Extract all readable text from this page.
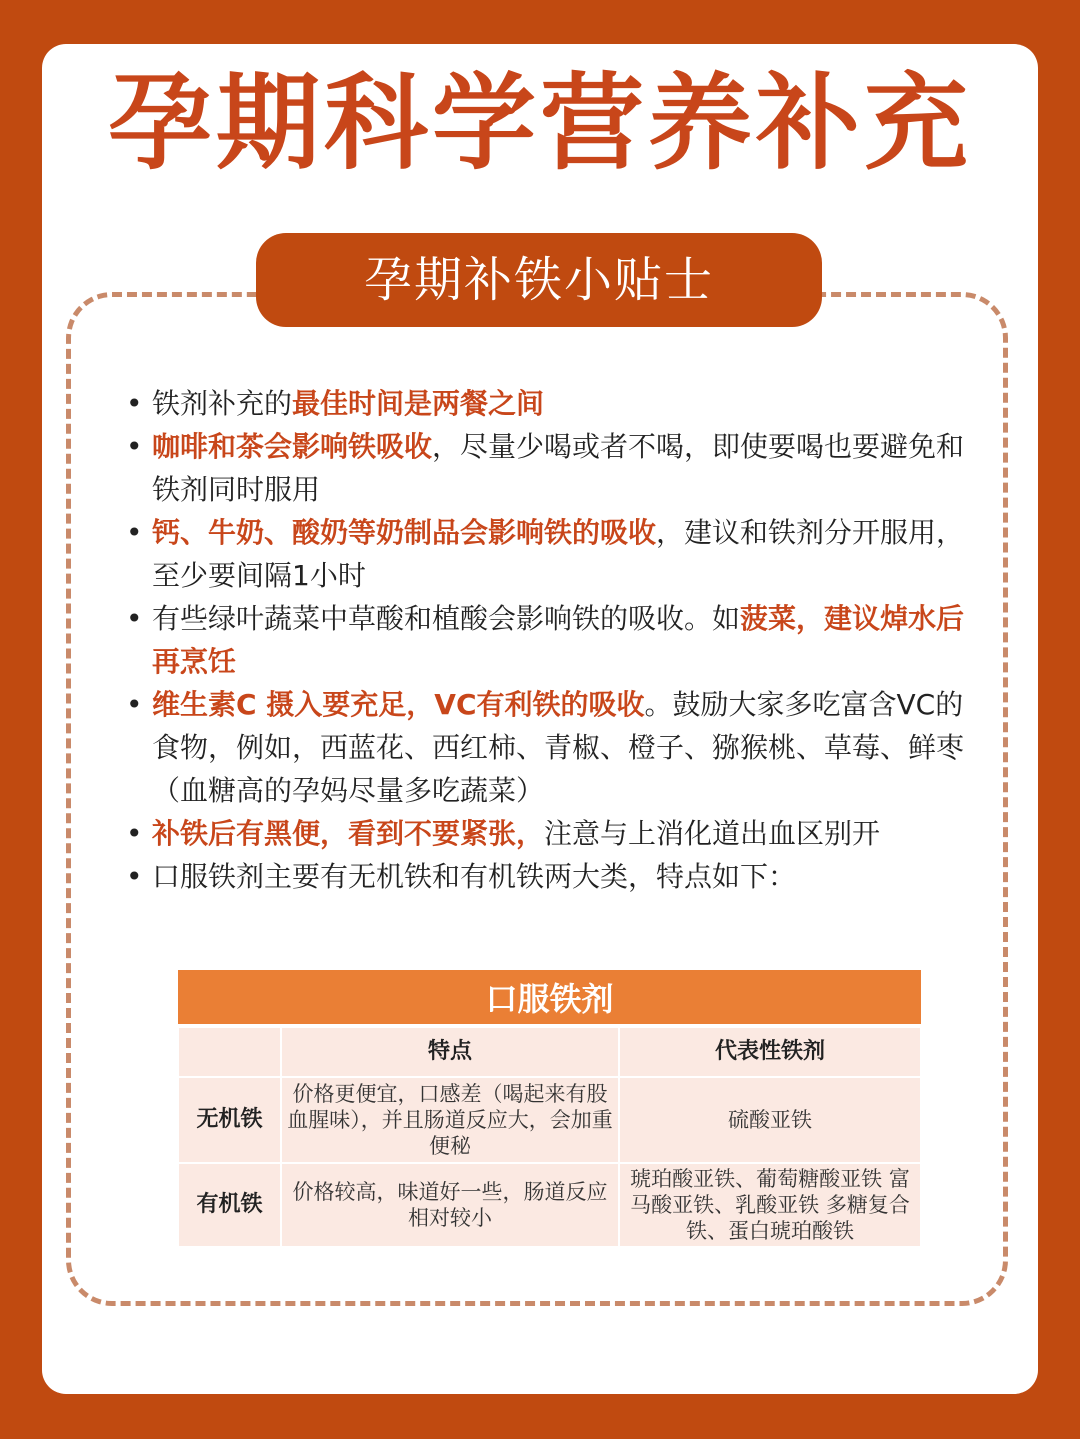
孕期科学营养补充
孕期补铁小贴士
• 铁剂补充的最佳时间是两餐之间
• 咖啡和茶会影响铁吸收，尽量少喝或者不喝，即使要喝也要避免和铁剂同时服用
• 钙、牛奶、酸奶等奶制品会影响铁的吸收，建议和铁剂分开服用，至少要间隔1小时
• 有些绿叶蔬菜中草酸和植酸会影响铁的吸收。如菠菜，建议焯水后再烹饪
• 维生素C 摄入要充足，VC有利铁的吸收。鼓励大家多吃富含VC的食物，例如，西蓝花、西红柿、青椒、橙子、猕猴桃、草莓、鲜枣（血糖高的孕妈尽量多吃蔬菜）
• 补铁后有黑便，看到不要紧张，注意与上消化道出血区别开
• 口服铁剂主要有无机铁和有机铁两大类，特点如下：
口服铁剂		
	特点	代表性铁剂
无机铁	价格更便宜，口感差（喝起来有股血腥味），并且肠道反应大，会加重便秘	硫酸亚铁
有机铁	价格较高，味道好一些，肠道反应相对较小	琥珀酸亚铁、葡萄糖酸亚铁 富马酸亚铁、乳酸亚铁 多糖复合铁、蛋白琥珀酸铁
